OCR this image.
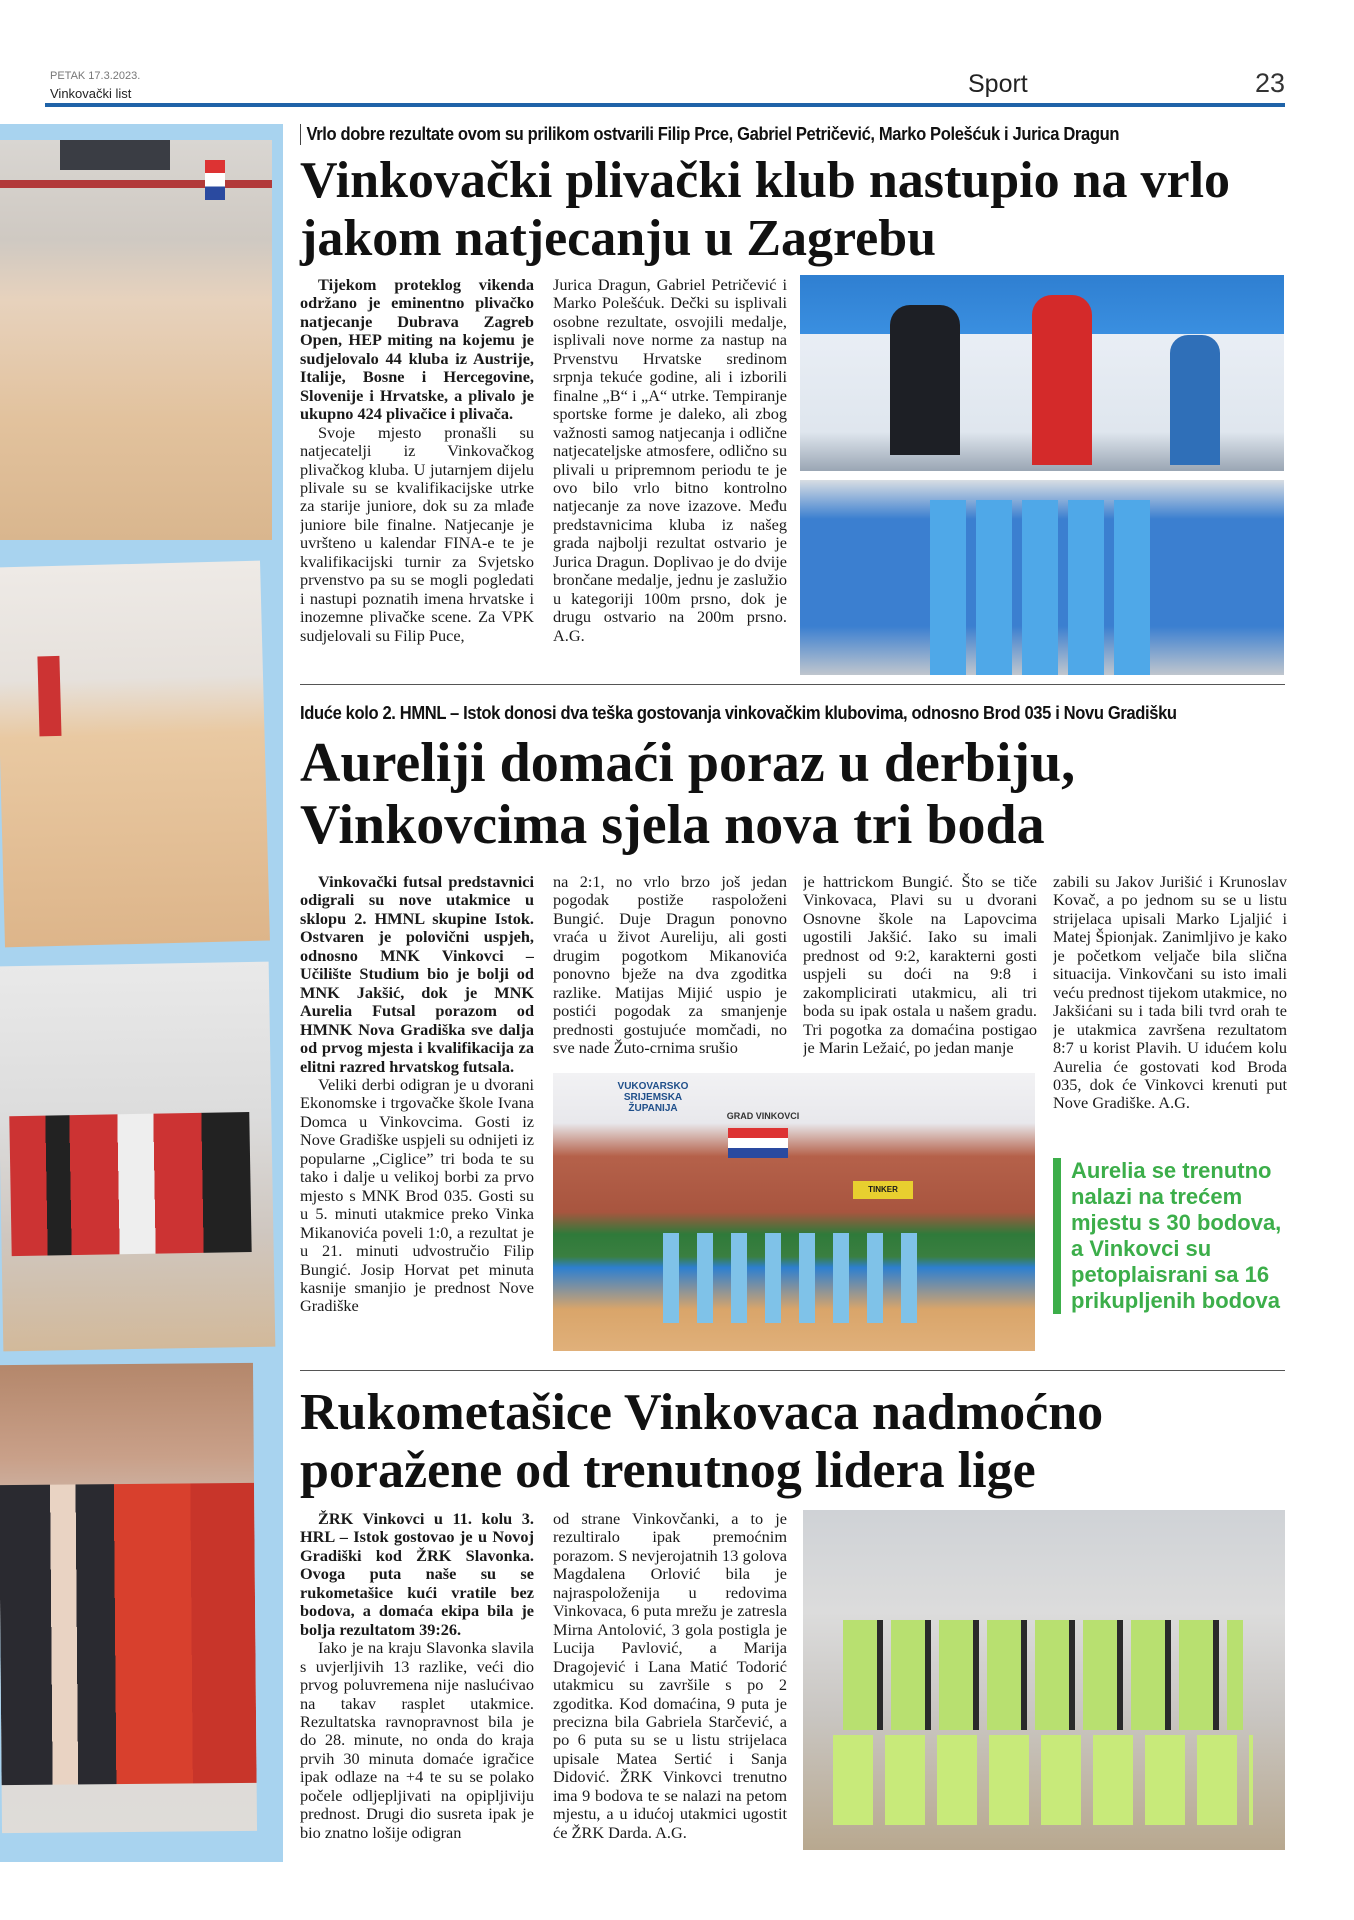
PETAK 17.3.2023.
Vinkovački list	Sport	23
Vrlo dobre rezultate ovom su prilikom ostvarili Filip Prce, Gabriel Petričević, Marko Polešćuk i Jurica Dragun
Vinkovački plivački klub nastupio na vrlo jakom natjecanju u Zagrebu

Tijekom proteklog vikenda održano je eminentno plivačko natjecanje Dubrava Zagreb Open, HEP miting na kojemu je sudjelovalo 44 kluba iz Austrije, Italije, Bosne i Hercegovine, Slovenije i Hrvatske, a plivalo je ukupno 424 plivačice i plivača.

Svoje mjesto pronašli su natjecatelji iz Vinkovačkog plivačkog kluba. U jutarnjem dijelu plivale su se kvalifikacijske utrke za starije juniore, dok su za mlađe juniore bile finalne. Natjecanje je uvršteno u kalendar FINA-e te je kvalifikacijski turnir za Svjetsko prvenstvo pa su se mogli pogledati i nastupi poznatih imena hrvatske i inozemne plivačke scene. Za VPK sudjelovali su Filip Puce,

Jurica Dragun, Gabriel Petričević i Marko Polešćuk. Dečki su isplivali osobne rezultate, osvojili medalje, isplivali nove norme za nastup na Prvenstvu Hrvatske sredinom srpnja tekuće godine, ali i izborili finalne „B“ i „A“ utrke. Tempiranje sportske forme je daleko, ali zbog važnosti samog natjecanja i odlične natjecateljske atmosfere, odlično su plivali u pripremnom periodu te je ovo bilo vrlo bitno kontrolno natjecanje za nove izazove. Među predstavnicima kluba iz našeg grada najbolji rezultat ostvario je Jurica Dragun. Doplivao je do dvije brončane medalje, jednu je zaslužio u kategoriji 100m prsno, dok je drugu ostvario na 200m prsno. A.G.

Iduće kolo 2. HMNL – Istok donosi dva teška gostovanja vinkovačkim klubovima, odnosno Brod 035 i Novu Gradišku
Aureliji domaći poraz u derbiju, Vinkovcima sjela nova tri boda

Vinkovački futsal predstavnici odigrali su nove utakmice u sklopu 2. HMNL skupine Istok. Ostvaren je polovični uspjeh, odnosno MNK Vinkovci – Učilište Studium bio je bolji od MNK Jakšić, dok je MNK Aurelia Futsal porazom od HMNK Nova Gradiška sve dalja od prvog mjesta i kvalifikacija za elitni razred hrvatskog futsala.

Veliki derbi odigran je u dvorani Ekonomske i trgovačke škole Ivana Domca u Vinkovcima. Gosti iz Nove Gradiške uspjeli su odnijeti iz popularne „Ciglice” tri boda te su tako i dalje u velikoj borbi za prvo mjesto s MNK Brod 035. Gosti su u 5. minuti utakmice preko Vinka Mikanovića poveli 1:0, a rezultat je u 21. minuti udvostručio Filip Bungić. Josip Horvat pet minuta kasnije smanjio je prednost Nove Gradiške

na 2:1, no vrlo brzo još jedan pogodak postiže raspoloženi Bungić. Duje Dragun ponovno vraća u život Aureliju, ali gosti drugim pogotkom Mikanovića ponovno bježe na dva zgoditka razlike. Matijas Mijić uspio je postići pogodak za smanjenje prednosti gostujuće momčadi, no sve nade Žuto-crnima srušio

je hattrickom Bungić. Što se tiče Vinkovaca, Plavi su u dvorani Osnovne škole na Lapovcima ugostili Jakšić. Iako su imali prednost od 9:2, karakterni gosti uspjeli su doći na 9:8 i zakomplicirati utakmicu, ali tri boda su ipak ostala u našem gradu. Tri pogotka za domaćina postigao je Marin Ležaić, po jedan manje

zabili su Jakov Jurišić i Krunoslav Kovač, a po jednom su se u listu strijelaca upisali Marko Ljaljić i Matej Špionjak. Zanimljivo je kako je početkom veljače bila slična situacija. Vinkovčani su isto imali veću prednost tijekom utakmice, no Jakšićani su i tada bili tvrd orah te je utakmica završena rezultatom 8:7 u korist Plavih. U idućem kolu Aurelia će gostovati kod Broda 035, dok će Vinkovci krenuti put Nove Gradiške. A.G.

VUKOVARSKO SRIJEMSKA ŽUPANIJA
GRAD VINKOVCI
TINKER
Aurelia se trenutno nalazi na trećem mjestu s 30 bodova, a Vinkovci su petoplaisrani sa 16 prikupljenih bodova
Rukometašice Vinkovaca nadmoćno poražene od trenutnog lidera lige

ŽRK Vinkovci u 11. kolu 3. HRL – Istok gostovao je u Novoj Gradiški kod ŽRK Slavonka. Ovoga puta naše su se rukometašice kući vratile bez bodova, a domaća ekipa bila je bolja rezultatom 39:26.

Iako je na kraju Slavonka slavila s uvjerljivih 13 razlike, veći dio prvog poluvremena nije naslućivao na takav rasplet utakmice. Rezultatska ravnopravnost bila je do 28. minute, no onda do kraja prvih 30 minuta domaće igračice ipak odlaze na +4 te su se polako počele odljepljivati na opipljiviju prednost. Drugi dio susreta ipak je bio znatno lošije odigran

od strane Vinkovčanki, a to je rezultiralo ipak premoćnim porazom. S nevjerojatnih 13 golova Magdalena Orlović bila je najraspoloženija u redovima Vinkovaca, 6 puta mrežu je zatresla Mirna Antolović, 3 gola postigla je Lucija Pavlović, a Marija Dragojević i Lana Matić Todorić utakmicu su završile s po 2 zgoditka. Kod domaćina, 9 puta je precizna bila Gabriela Starčević, a po 6 puta su se u listu strijelaca upisale Matea Sertić i Sanja Didović. ŽRK Vinkovci trenutno ima 9 bodova te se nalazi na petom mjestu, a u idućoj utakmici ugostit će ŽRK Darda. A.G.
